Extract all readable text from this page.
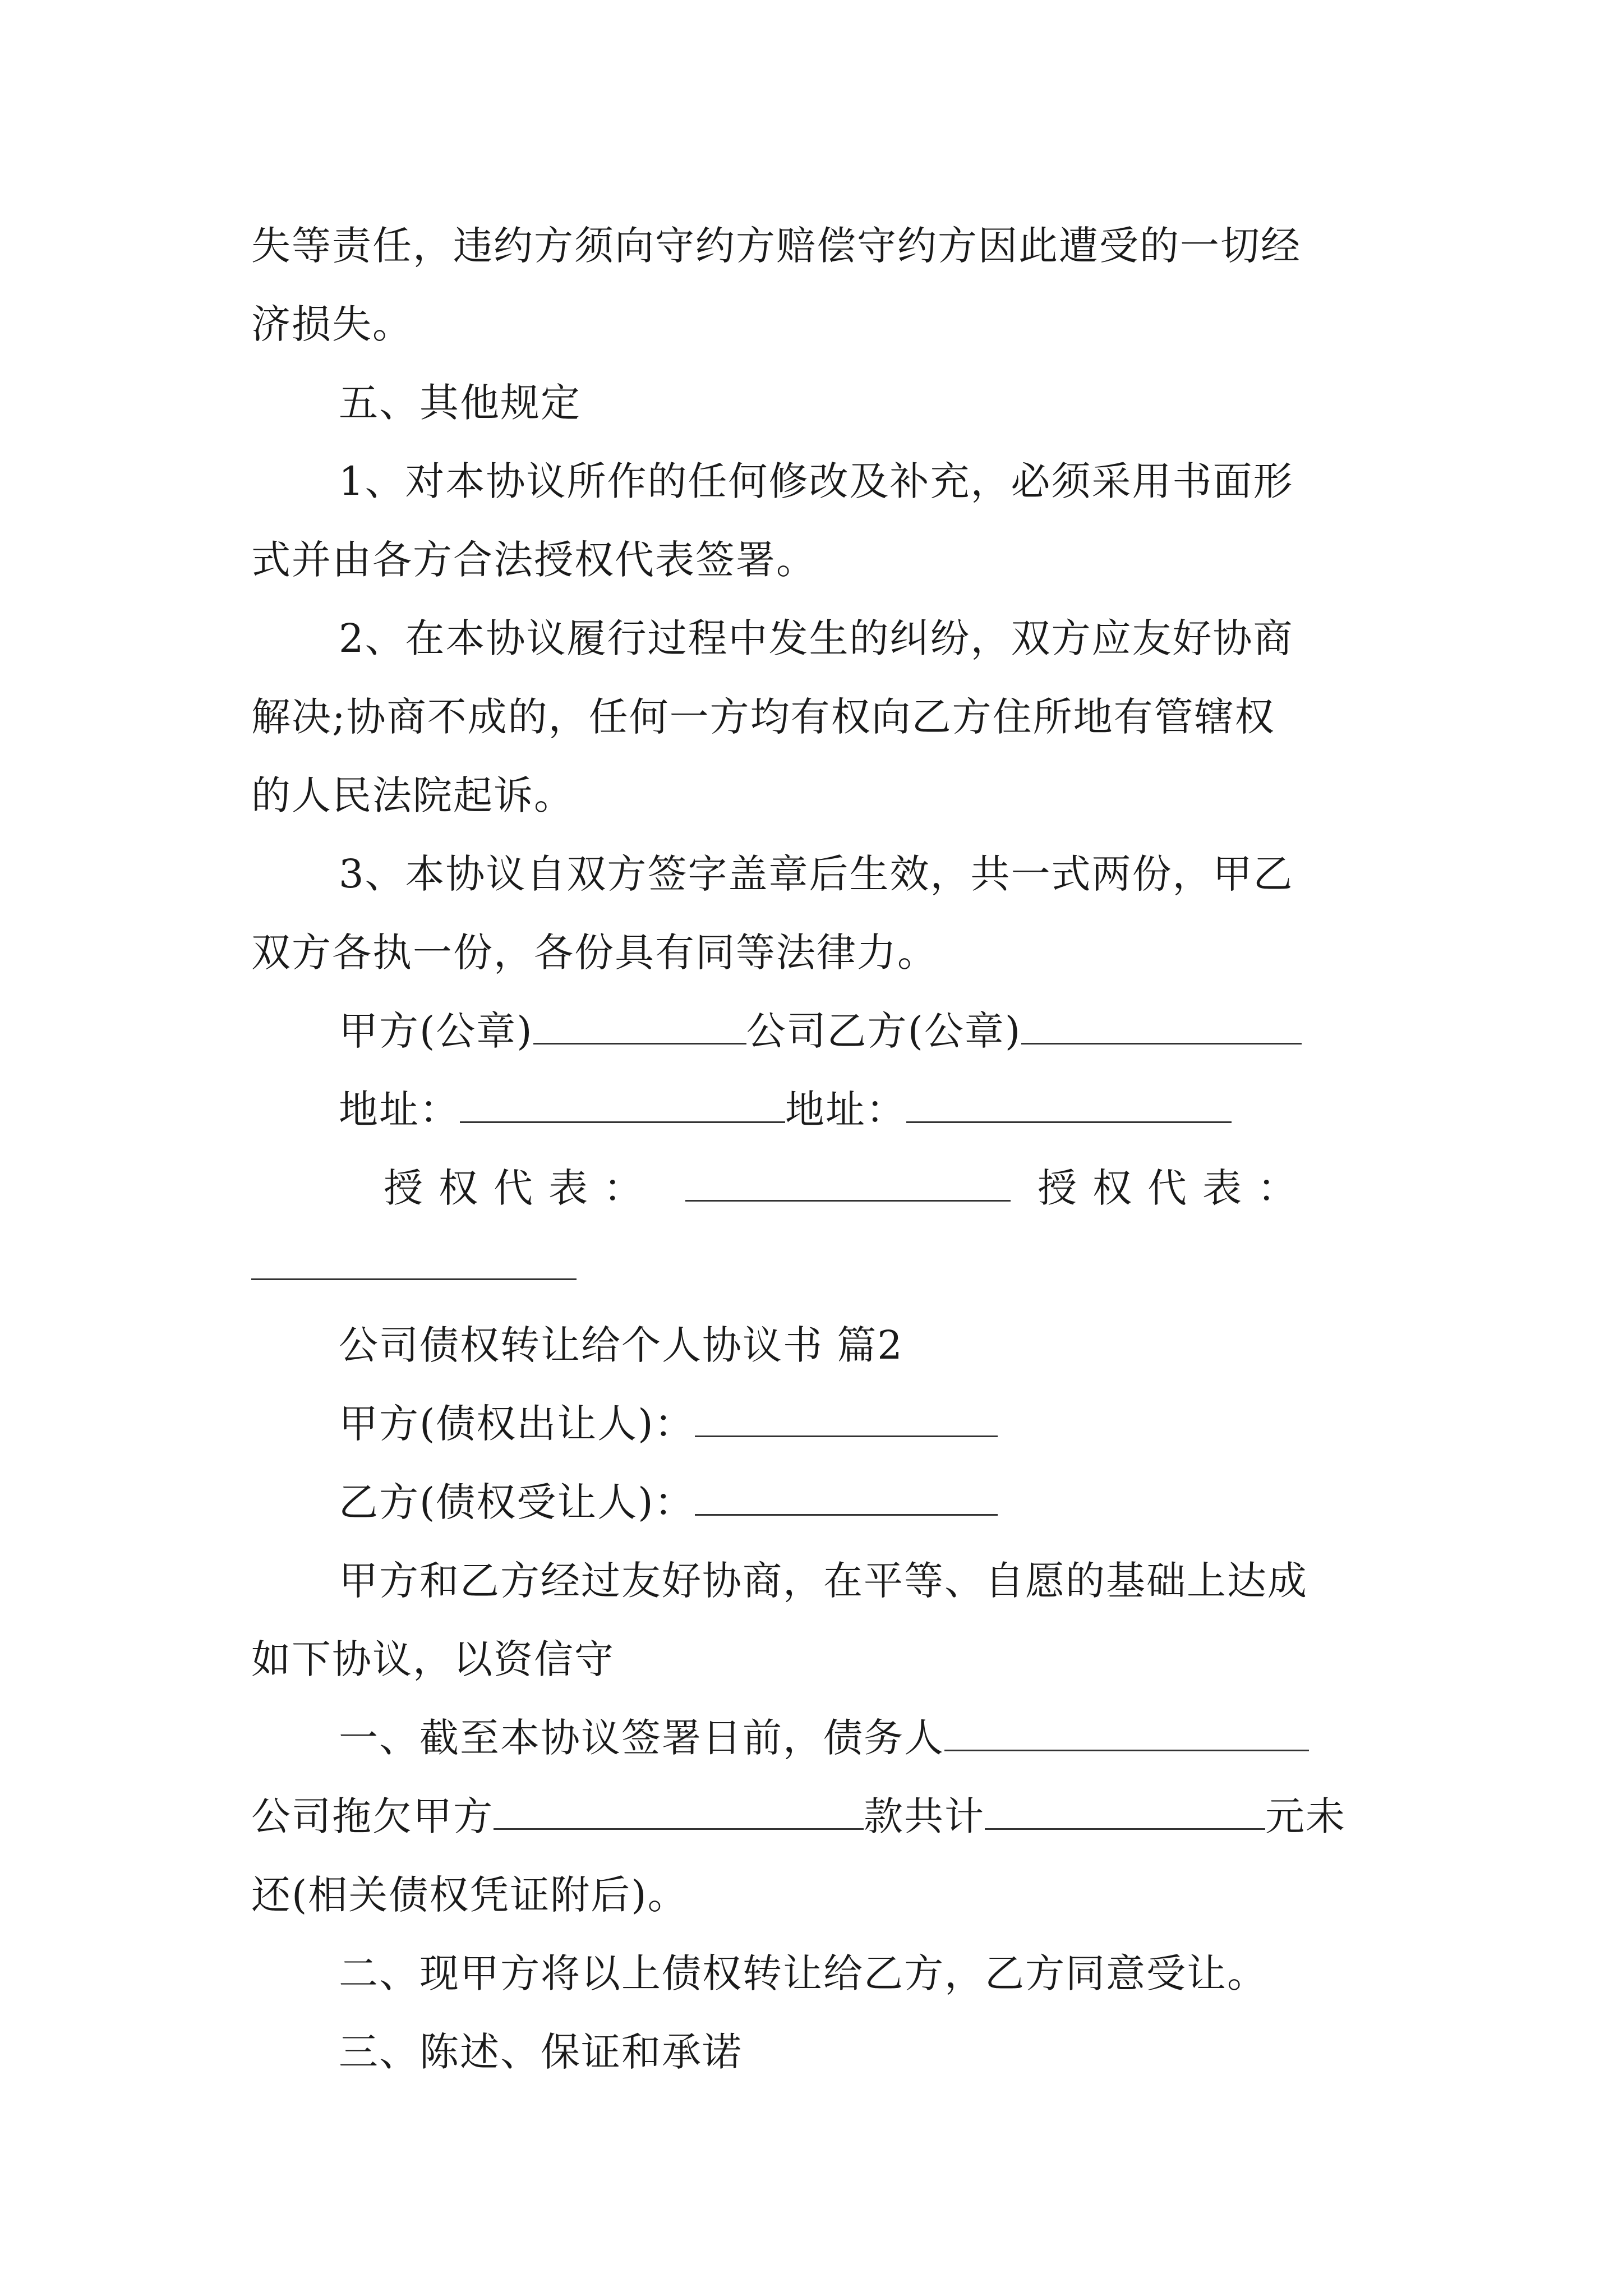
失等责任，违约方须向守约方赔偿守约方因此遭受的一切经
济损失。
五、其他规定
1、对本协议所作的任何修改及补充，必须采用书面形
式并由各方合法授权代表签署。
2、在本协议履行过程中发生的纠纷，双方应友好协商
解决;协商不成的，任何一方均有权向乙方住所地有管辖权
的人民法院起诉。
3、本协议自双方签字盖章后生效，共一式两份，甲乙
双方各执一份，各份具有同等法律力。
甲方(公章)	公司乙方(公章)
地址：	地址：
授权代表：	授权代表：
公司债权转让给个人协议书 篇2
甲方(债权出让人)：
乙方(债权受让人)：
甲方和乙方经过友好协商，在平等、自愿的基础上达成
如下协议，以资信守
一、截至本协议签署日前，债务人
公司拖欠甲方	款共计	元未
还(相关债权凭证附后)。
二、现甲方将以上债权转让给乙方，乙方同意受让。
三、陈述、保证和承诺
